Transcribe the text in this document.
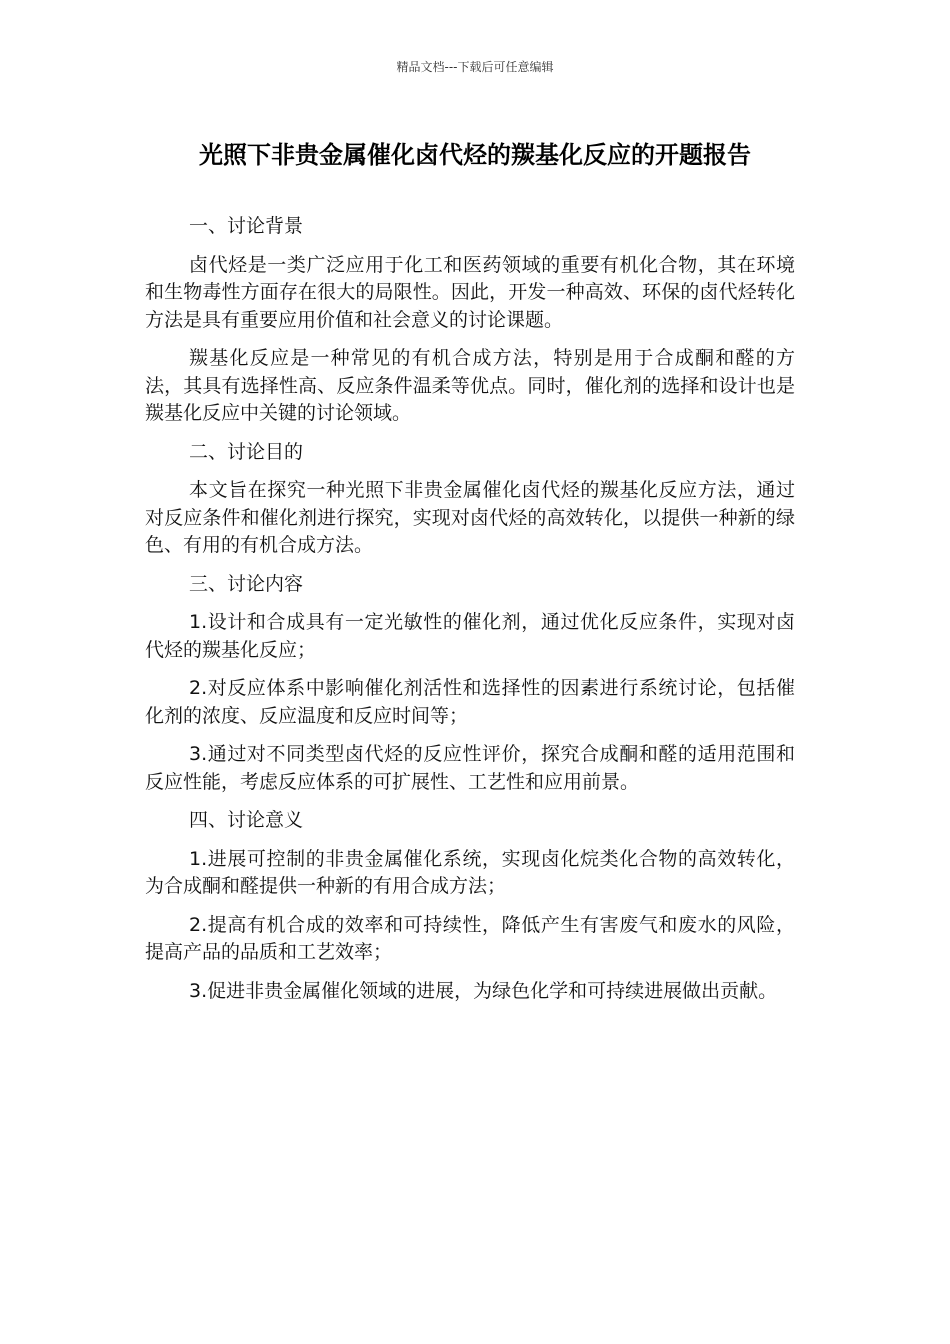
精品文档---下载后可任意编辑
光照下非贵金属催化卤代烃的羰基化反应的开题报告

一、讨论背景

卤代烃是一类广泛应用于化工和医药领域的重要有机化合物，其在环境和生物毒性方面存在很大的局限性。因此，开发一种高效、环保的卤代烃转化方法是具有重要应用价值和社会意义的讨论课题。

羰基化反应是一种常见的有机合成方法，特别是用于合成酮和醛的方法，其具有选择性高、反应条件温柔等优点。同时，催化剂的选择和设计也是羰基化反应中关键的讨论领域。

二、讨论目的

本文旨在探究一种光照下非贵金属催化卤代烃的羰基化反应方法，通过对反应条件和催化剂进行探究，实现对卤代烃的高效转化，以提供一种新的绿色、有用的有机合成方法。

三、讨论内容

1.设计和合成具有一定光敏性的催化剂，通过优化反应条件，实现对卤代烃的羰基化反应；

2.对反应体系中影响催化剂活性和选择性的因素进行系统讨论，包括催化剂的浓度、反应温度和反应时间等；

3.通过对不同类型卤代烃的反应性评价，探究合成酮和醛的适用范围和反应性能，考虑反应体系的可扩展性、工艺性和应用前景。

四、讨论意义

1.进展可控制的非贵金属催化系统，实现卤化烷类化合物的高效转化，为合成酮和醛提供一种新的有用合成方法；

2.提高有机合成的效率和可持续性，降低产生有害废气和废水的风险，提高产品的品质和工艺效率；

3.促进非贵金属催化领域的进展，为绿色化学和可持续进展做出贡献。
